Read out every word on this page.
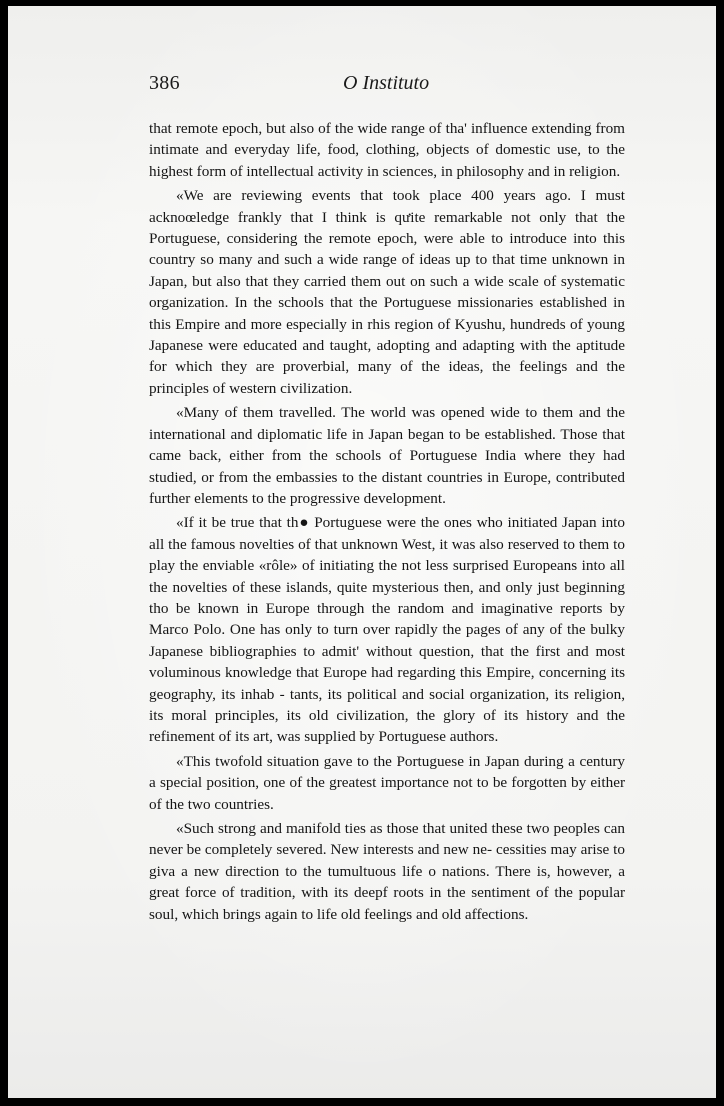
386	O Instituto

that remote epoch, but also of the wide range of tha' influence extending from intimate and everyday life, food, clothing, objects of domestic use, to the highest form of intellectual activity in sciences, in philosophy and in religion.

«We are reviewing events that took place 400 years ago. I must acknoœledge frankly that I think is qưite remarkable not only that the Portuguese, considering the remote epoch, were able to introduce into this country so many and such a wide range of ideas up to that time unknown in Japan, but also that they carried them out on such a wide scale of systematic organization. In the schools that the Portuguese missionaries established in this Empire and more especially in rhis region of Kyushu, hundreds of young Japanese were educated and taught, adopting and adapting with the aptitude for which they are proverbial, many of the ideas, the feelings and the principles of western civilization.

«Many of them travelled. The world was opened wide to them and the international and diplomatic life in Japan began to be established. Those that came back, either from the schools of Portuguese India where they had studied, or from the embassies to the distant countries in Europe, contributed further elements to the progressive development.

«If it be true that th● Portuguese were the ones who initiated Japan into all the famous novelties of that unknown West, it was also reserved to them to play the enviable «rôle» of initiating the not less surprised Europeans into all the novelties of these islands, quite mysterious then, and only just beginning tho be known in Europe through the random and imaginative reports by Marco Polo. One has only to turn over rapidly the pages of any of the bulky Japanese bibliographies to admit' without question, that the first and most voluminous knowledge that Europe had regarding this Empire, concerning its geography, its inhab - tants, its political and social organization, its religion, its moral principles, its old civilization, the glory of its history and the refinement of its art, was supplied by Portuguese authors.

«This twofold situation gave to the Portuguese in Japan during a century a special position, one of the greatest importance not to be forgotten by either of the two countries.

«Such strong and manifold ties as those that united these two peoples can never be completely severed. New interests and new ne- cessities may arise to giva a new direction to the tumultuous life o nations. There is, however, a great force of tradition, with its deepf roots in the sentiment of the popular soul, which brings again to life old feelings and old affections.
